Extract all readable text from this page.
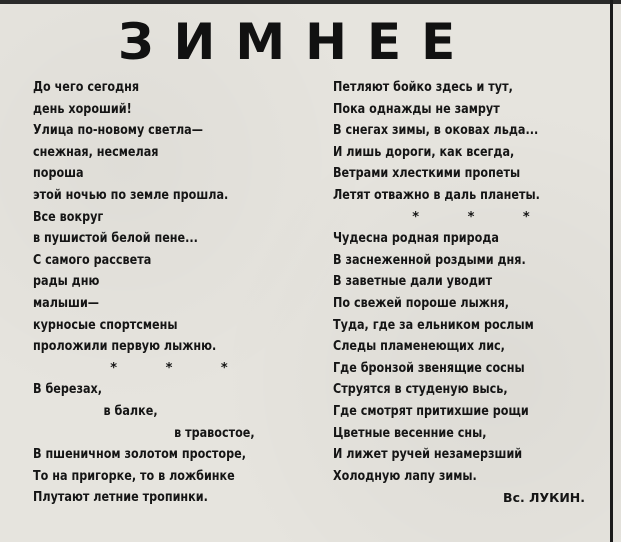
ЗИМНЕЕ
До чего сегодня
день хороший!
Улица по-новому светла—
снежная, несмелая
пороша
этой ночью по земле прошла.
Все вокруг
в пушистой белой пене...
С самого рассвета
рады дню
малыши—
курносые спортсмены
проложили первую лыжню.
* * *
В березах,
в балке,
в травостое,
В пшеничном золотом просторе,
То на пригорке, то в ложбинке
Плутают летние тропинки.
Петляют бойко здесь и тут,
Пока однажды не замрут
В снегах зимы, в оковах льда...
И лишь дороги, как всегда,
Ветрами хлесткими пропеты
Летят отважно в даль планеты.
* * *
Чудесна родная природа
В заснеженной роздыми дня.
В заветные дали уводит
По свежей пороше лыжня,
Туда, где за ельником рослым
Следы пламенеющих лис,
Где бронзой звенящие сосны
Струятся в студеную высь,
Где смотрят притихшие рощи
Цветные весенние сны,
И лижет ручей незамерзший
Холодную лапу зимы.
Вс. ЛУКИН.
